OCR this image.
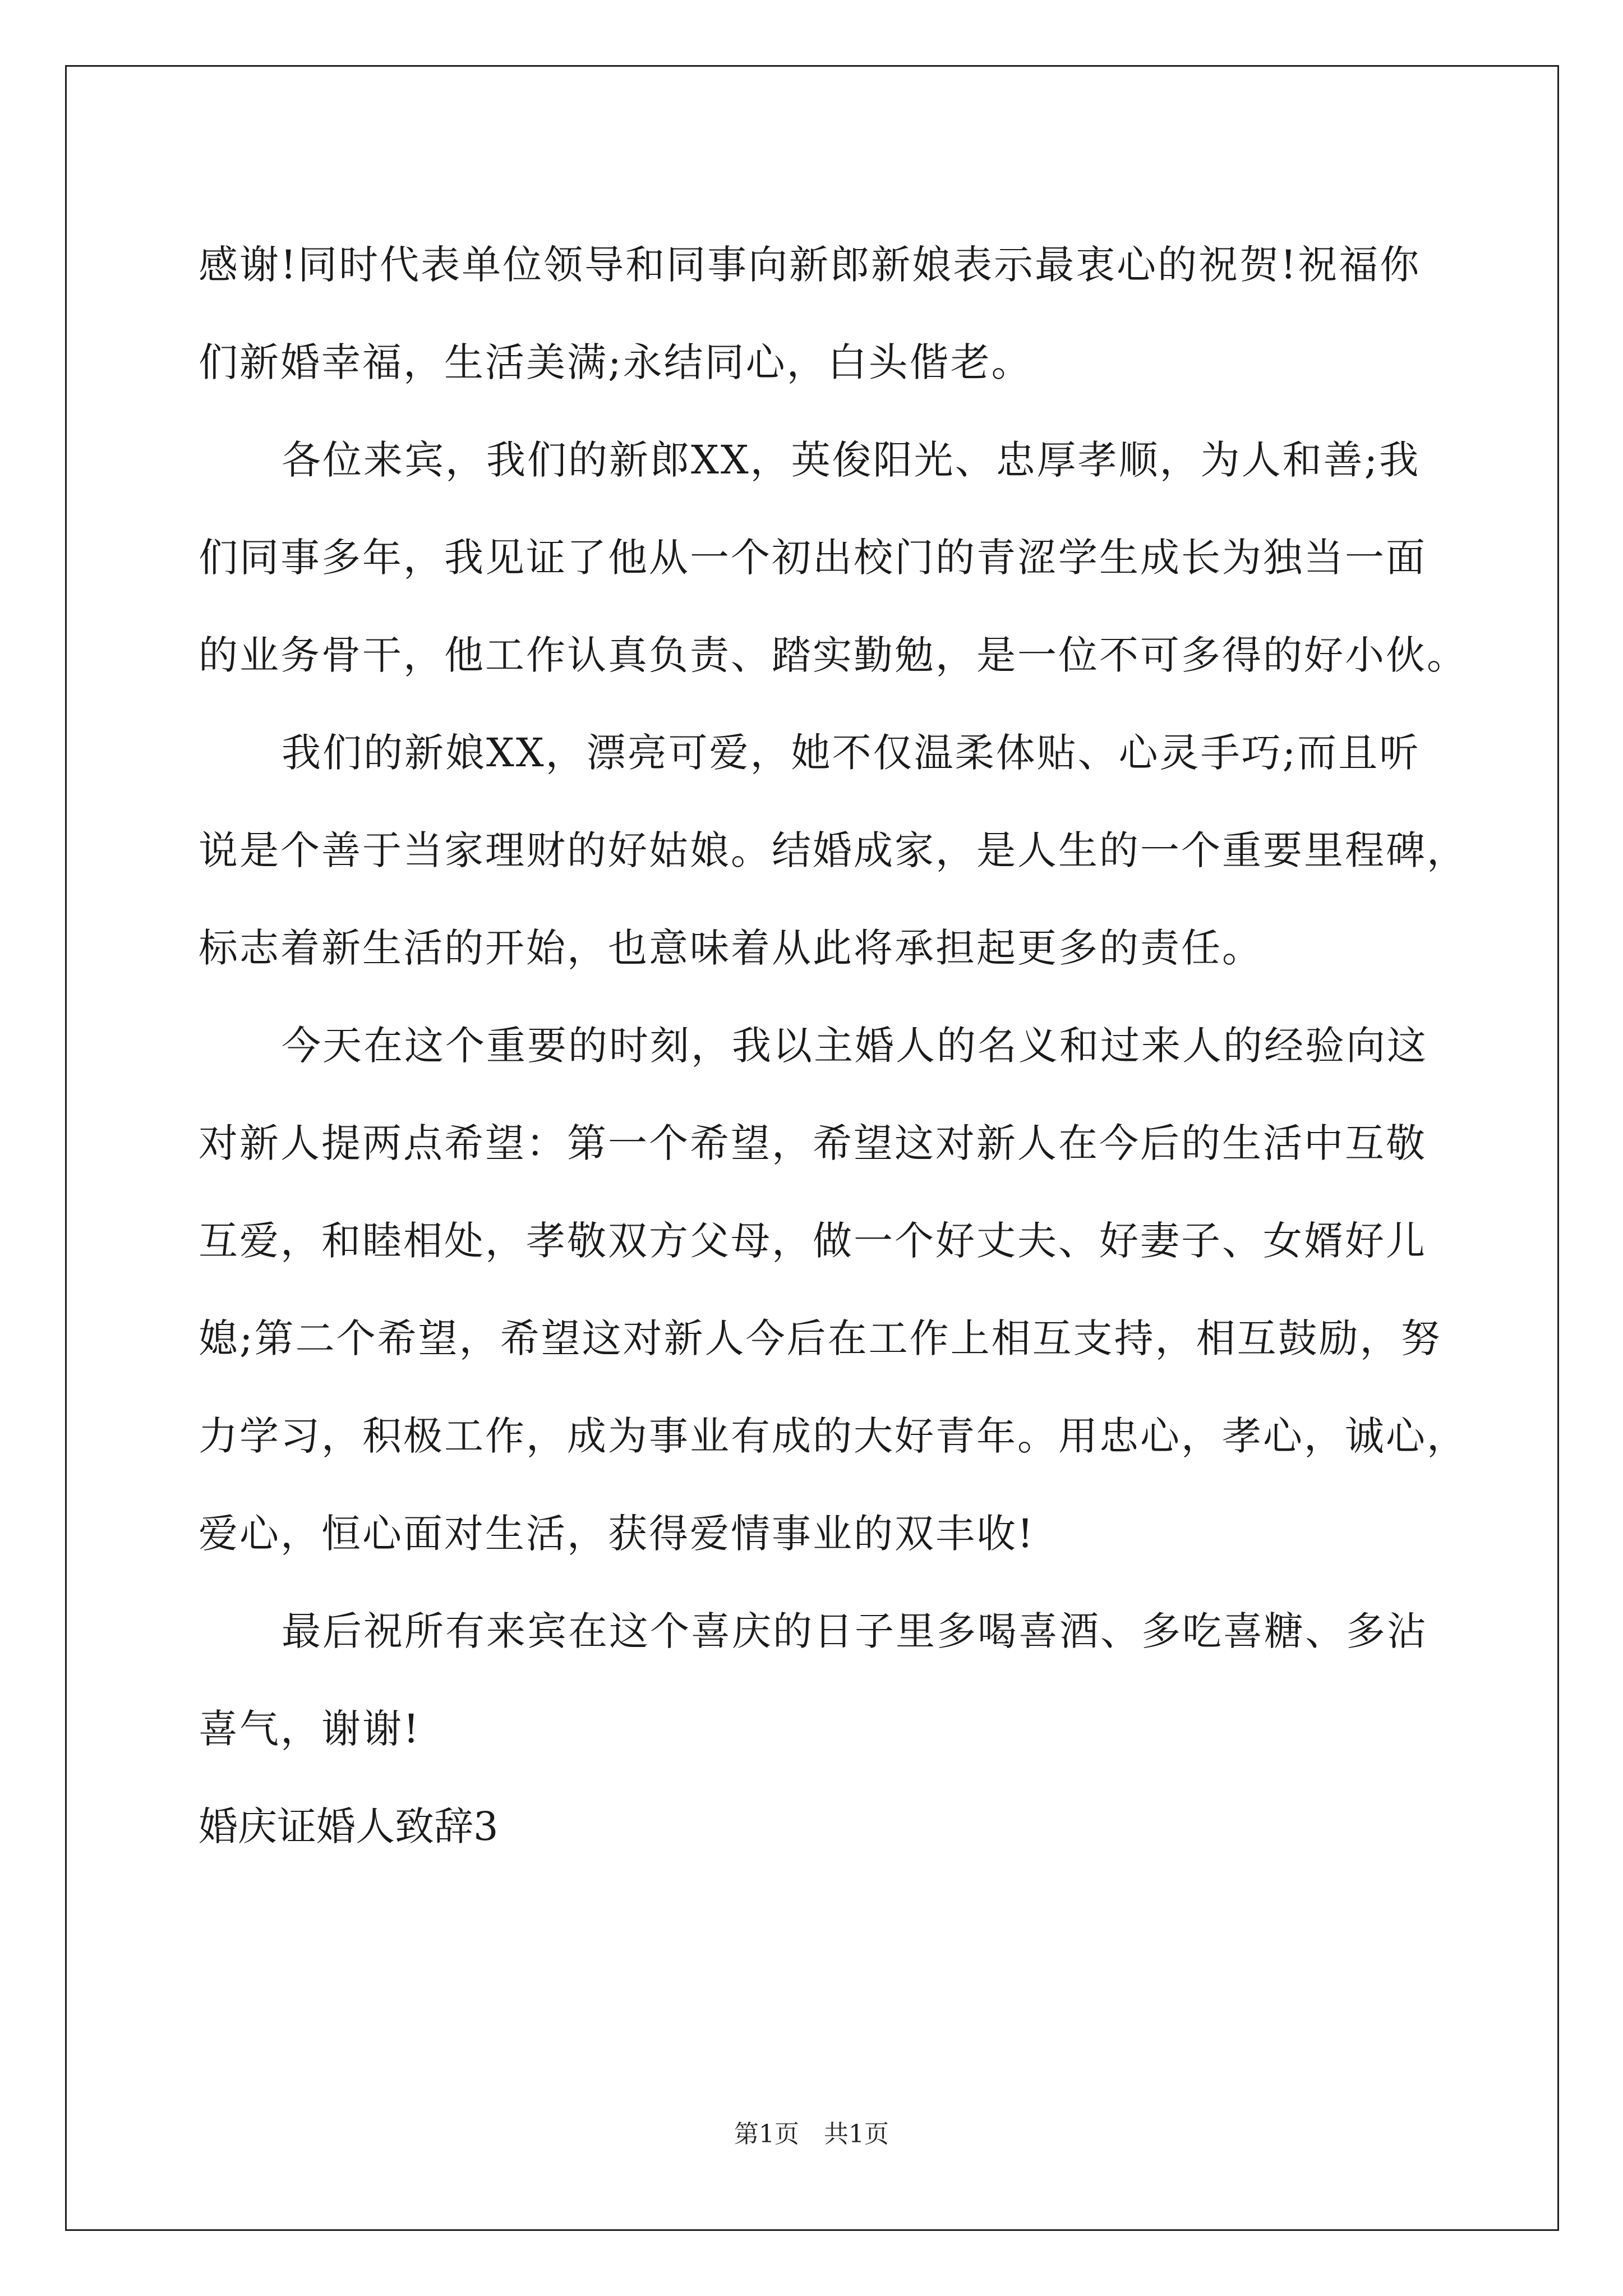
感谢!同时代表单位领导和同事向新郎新娘表示最衷心的祝贺!祝福你
们新婚幸福，生活美满;永结同心，白头偕老。
各位来宾，我们的新郎XX，英俊阳光、忠厚孝顺，为人和善;我
们同事多年，我见证了他从一个初出校门的青涩学生成长为独当一面
的业务骨干，他工作认真负责、踏实勤勉，是一位不可多得的好小伙。
我们的新娘XX，漂亮可爱，她不仅温柔体贴、心灵手巧;而且听
说是个善于当家理财的好姑娘。结婚成家，是人生的一个重要里程碑，
标志着新生活的开始，也意味着从此将承担起更多的责任。
今天在这个重要的时刻，我以主婚人的名义和过来人的经验向这
对新人提两点希望：第一个希望，希望这对新人在今后的生活中互敬
互爱，和睦相处，孝敬双方父母，做一个好丈夫、好妻子、女婿好儿
媳;第二个希望，希望这对新人今后在工作上相互支持，相互鼓励，努
力学习，积极工作，成为事业有成的大好青年。用忠心，孝心，诚心，
爱心，恒心面对生活，获得爱情事业的双丰收!
最后祝所有来宾在这个喜庆的日子里多喝喜酒、多吃喜糖、多沾
喜气，谢谢!
婚庆证婚人致辞3
第1页　共1页
